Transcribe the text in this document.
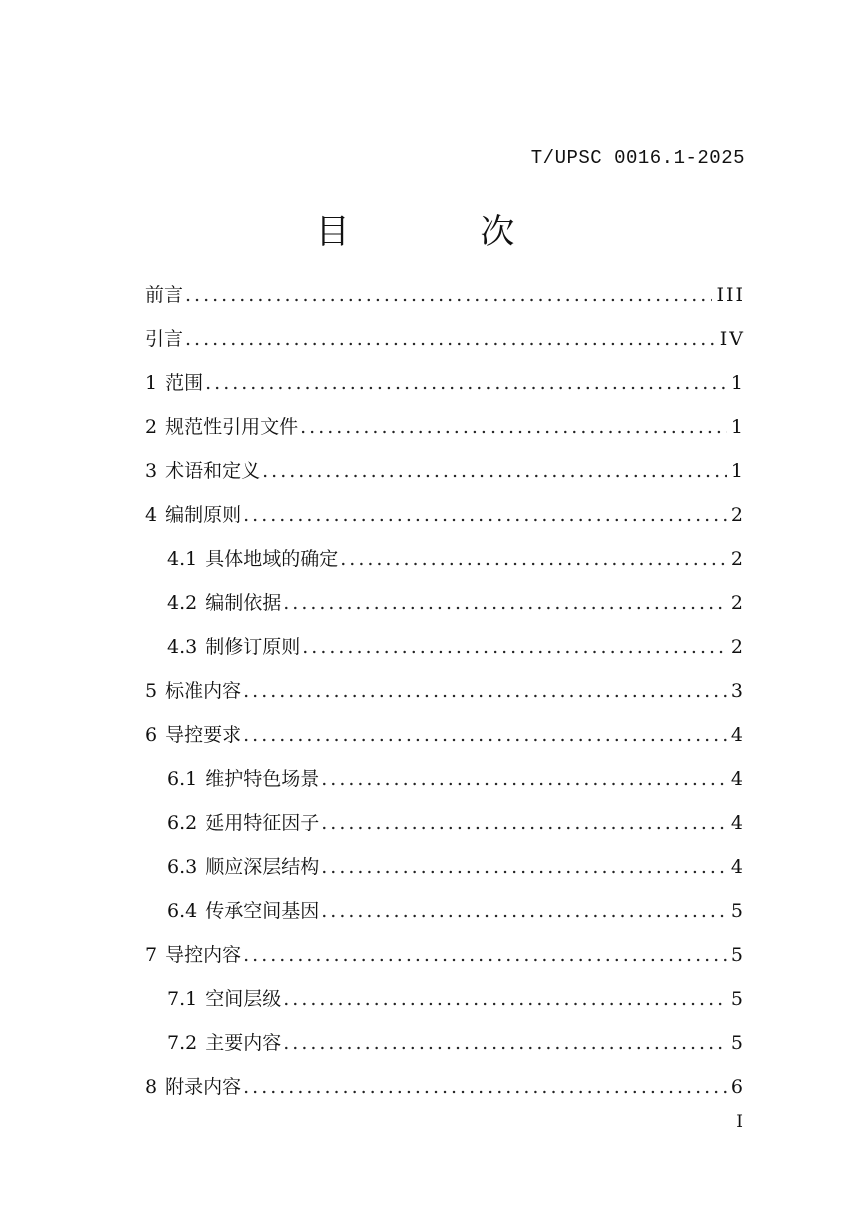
T/UPSC 0016.1-2025
目 次
前言 .....	III
引言 .....	IV
1 范围 .....	1
2 规范性引用文件 .....	1
3 术语和定义 .....	1
4 编制原则 .....	2
4.1 具体地域的确定 .....	2
4.2 编制依据 .....	2
4.3 制修订原则 .....	2
5 标准内容 .....	3
6 导控要求 .....	4
6.1 维护特色场景 .....	4
6.2 延用特征因子 .....	4
6.3 顺应深层结构 .....	4
6.4 传承空间基因 .....	5
7 导控内容 .....	5
7.1 空间层级 .....	5
7.2 主要内容 .....	5
8 附录内容 .....	6
I
